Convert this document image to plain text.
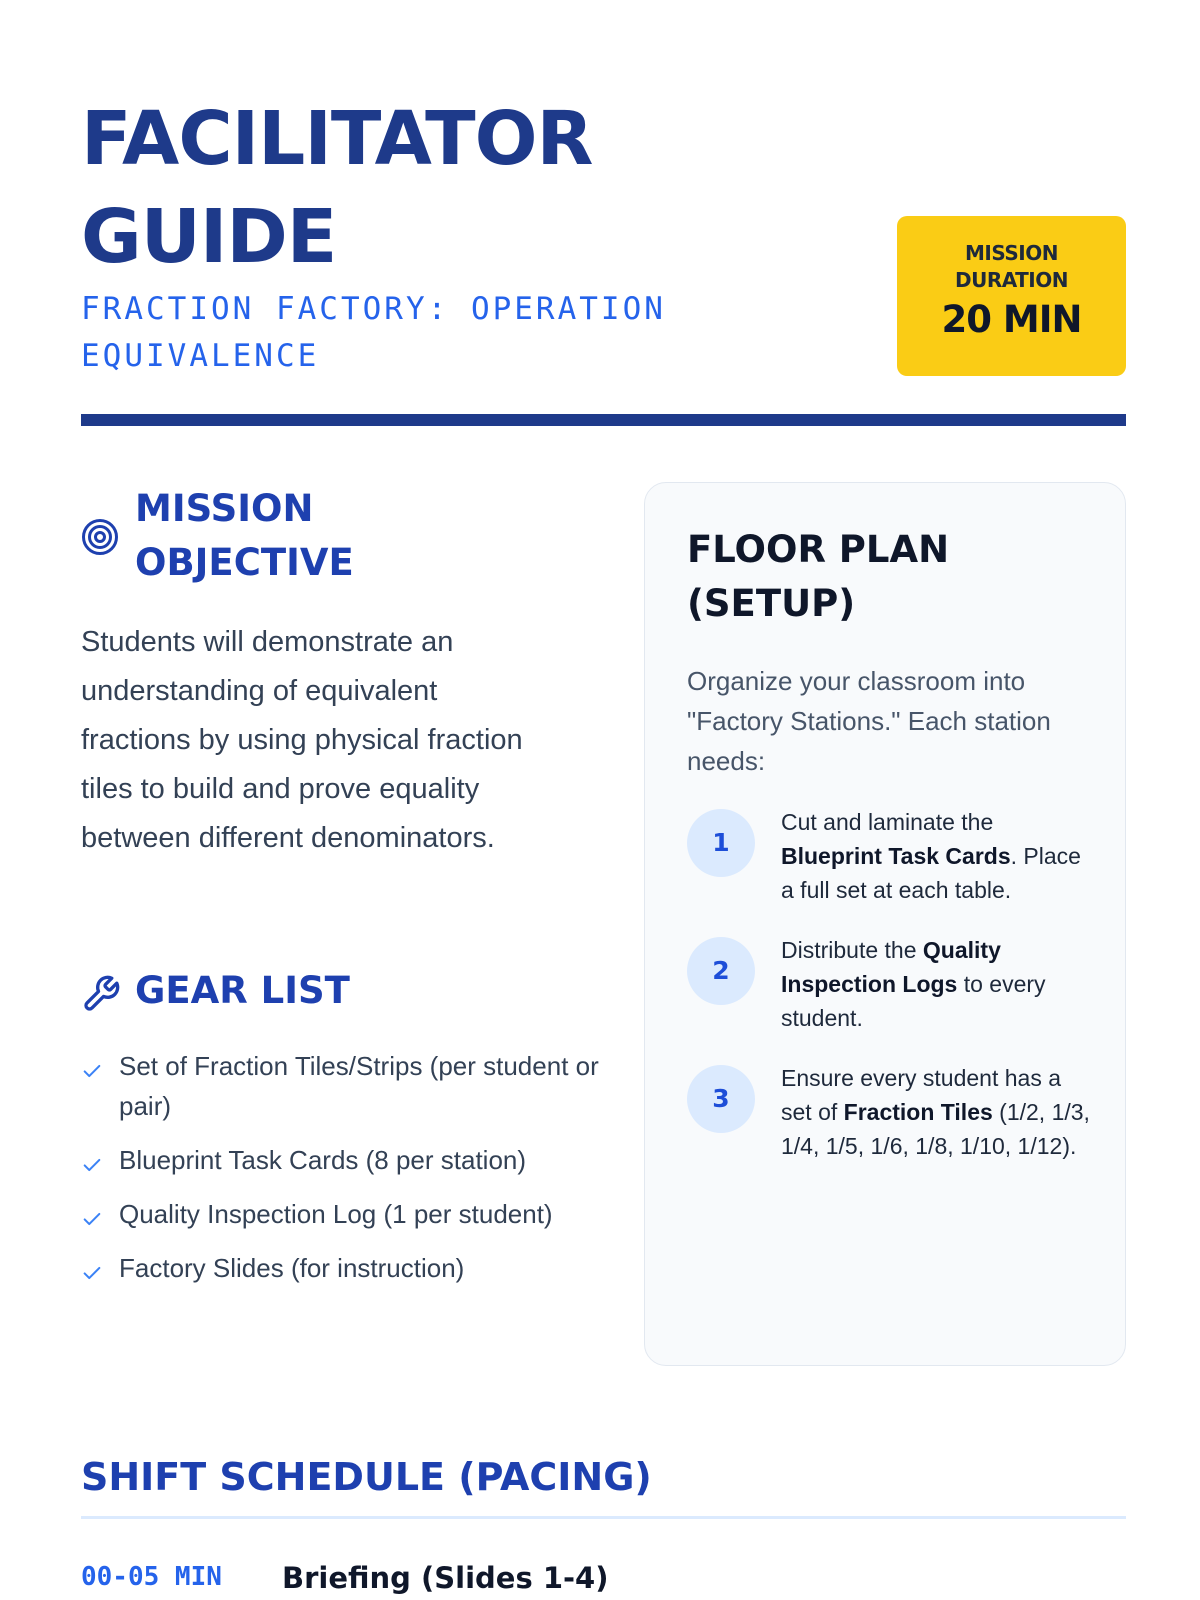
FACILITATOR
GUIDE
FRACTION FACTORY: OPERATION
EQUIVALENCE
MISSION
DURATION
20 MIN
MISSION
OBJECTIVE

Students will demonstrate an understanding of equivalent fractions by using physical fraction tiles to build and prove equality between different denominators.

GEAR LIST
Set of Fraction Tiles/Strips (per student or pair)
Blueprint Task Cards (8 per station)
Quality Inspection Log (1 per student)
Factory Slides (for instruction)
FLOOR PLAN
(SETUP)

Organize your classroom into "Factory Stations." Each station needs:

1
Cut and laminate the Blueprint Task Cards. Place a full set at each table.
2
Distribute the Quality Inspection Logs to every student.
3
Ensure every student has a set of Fraction Tiles (1/2, 1/3, 1/4, 1/5, 1/6, 1/8, 1/10, 1/12).
SHIFT SCHEDULE (PACING)
00-05 MIN Briefing (Slides 1-4)
